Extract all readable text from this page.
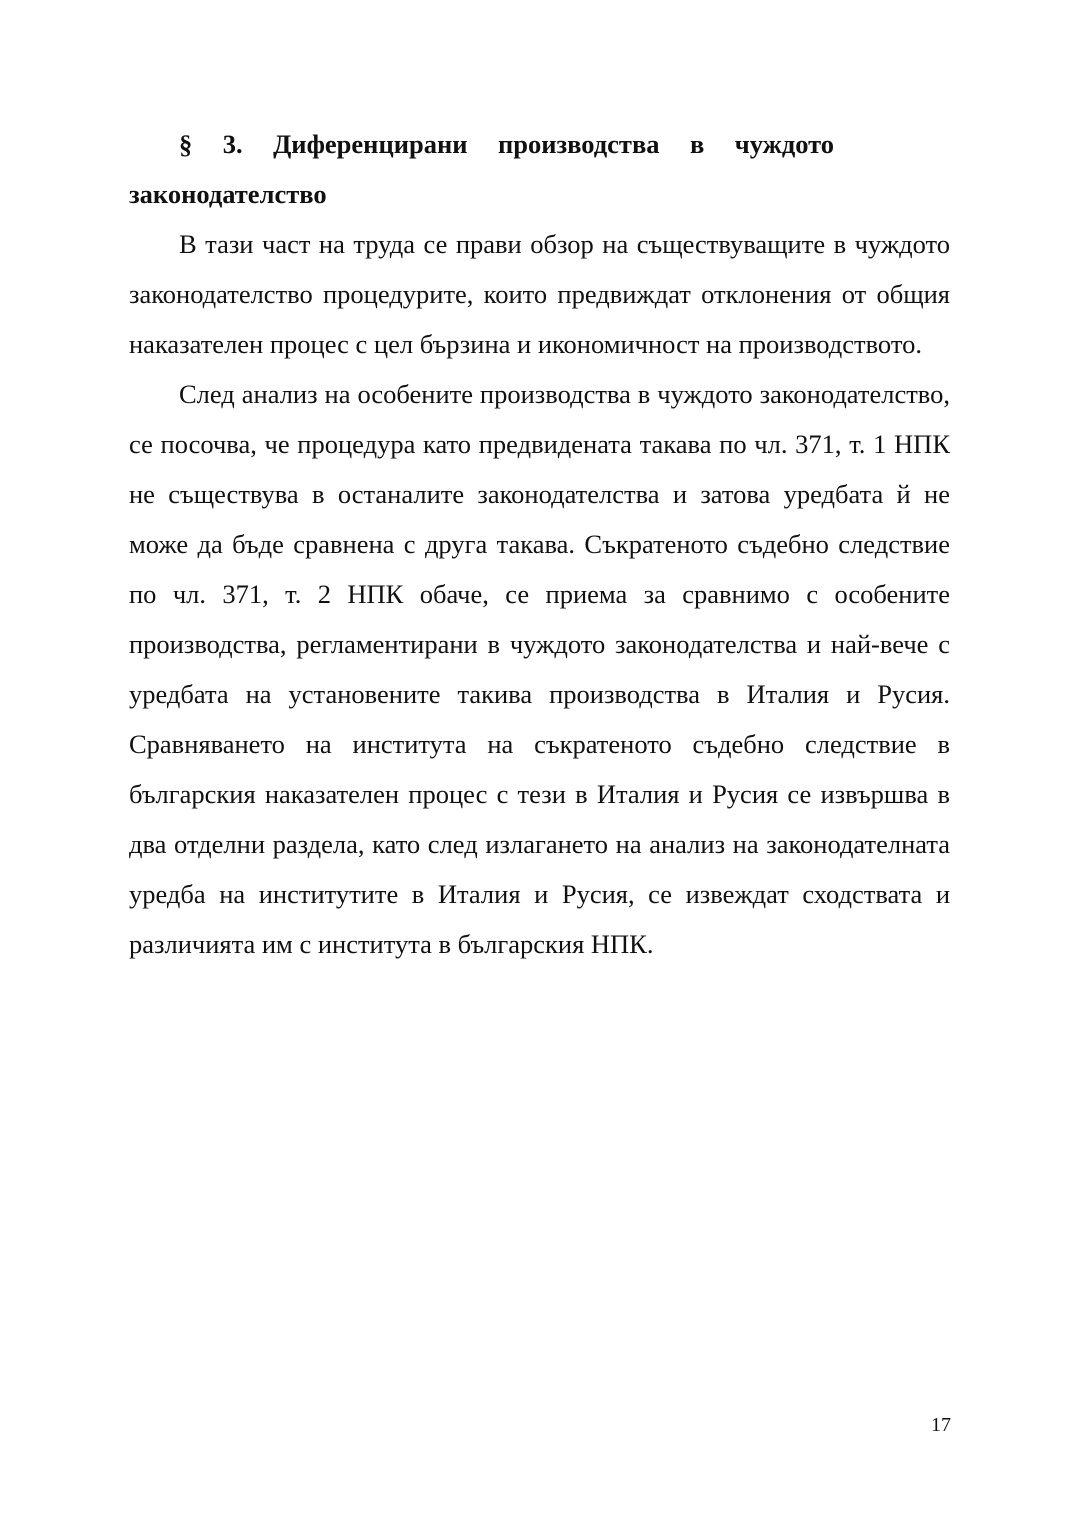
§ 3. Диференцирани производства в чуждото
законодателство

В тази част на труда се прави обзор на съществуващите в чуждото законодателство процедурите, които предвиждат отклонения от общия наказателен процес с цел бързина и икономичност на производството.

След анализ на особените производства в чуждото законодателство, се посочва, че процедура като предвидената такава по чл. 371, т. 1 НПК не съществува в останалите законодателства и затова уредбата й не може да бъде сравнена с друга такава. Съкратеното съдебно следствие по чл. 371, т. 2 НПК обаче, се приема за сравнимо с особените производства, регламентирани в чуждото законодателства и най-вече с уредбата на установените такива производства в Италия и Русия. Сравняването на института на съкратеното съдебно следствие в българския наказателен процес с тези в Италия и Русия се извършва в два отделни раздела, като след излагането на анализ на законодателната уредба на институтите в Италия и Русия, се извеждат сходствата и различията им с института в българския НПК.

17
